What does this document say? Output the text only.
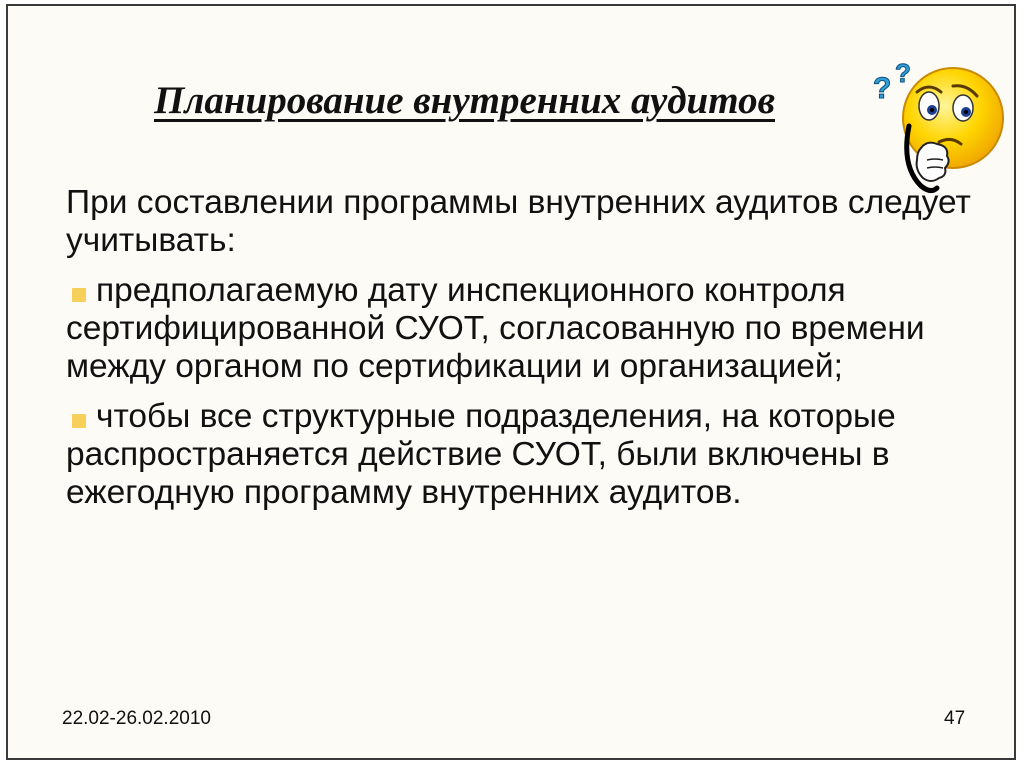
Планирование внутренних аудитов	? ?

При составлении программы внутренних аудитов следует учитывать:

предполагаемую дату инспекционного контроля сертифицированной СУОТ, согласованную по времени между органом по сертификации и организацией;

чтобы все структурные подразделения, на которые распространяется действие СУОТ, были включены в ежегодную программу внутренних аудитов.

22.02-26.02.2010	47
